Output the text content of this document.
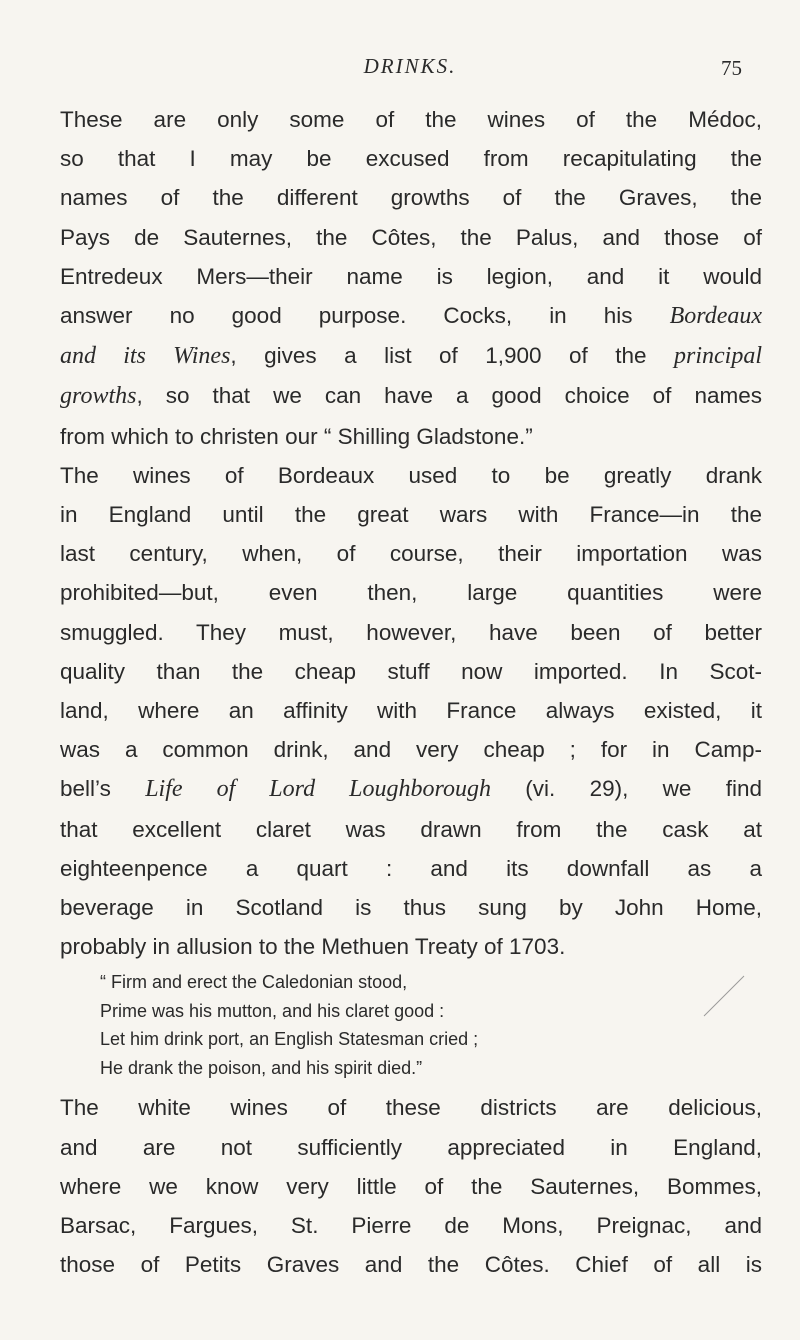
DRINKS.	75

These are only some of the wines of the Médoc,
so that I may be excused from recapitulating the
names of the different growths of the Graves, the
Pays de Sauternes, the Côtes, the Palus, and those of
Entredeux Mers—their name is legion, and it would
answer no good purpose. Cocks, in his Bordeaux
and its Wines, gives a list of 1,900 of the principal
growths, so that we can have a good choice of names
from which to christen our “ Shilling Gladstone.”

The wines of Bordeaux used to be greatly drank
in England until the great wars with France—in the
last century, when, of course, their importation was
prohibited—but, even then, large quantities were
smuggled. They must, however, have been of better
quality than the cheap stuff now imported. In Scot-
land, where an affinity with France always existed, it
was a common drink, and very cheap ; for in Camp-
bell’s Life of Lord Loughborough (vi. 29), we find
that excellent claret was drawn from the cask at
eighteenpence a quart : and its downfall as a
beverage in Scotland is thus sung by John Home,
probably in allusion to the Methuen Treaty of 1703.

“ Firm and erect the Caledonian stood,
Prime was his mutton, and his claret good :
Let him drink port, an English Statesman cried ;
He drank the poison, and his spirit died.”

The white wines of these districts are delicious,
and are not sufficiently appreciated in England,
where we know very little of the Sauternes, Bommes,
Barsac, Fargues, St. Pierre de Mons, Preignac, and
those of Petits Graves and the Côtes. Chief of all is
